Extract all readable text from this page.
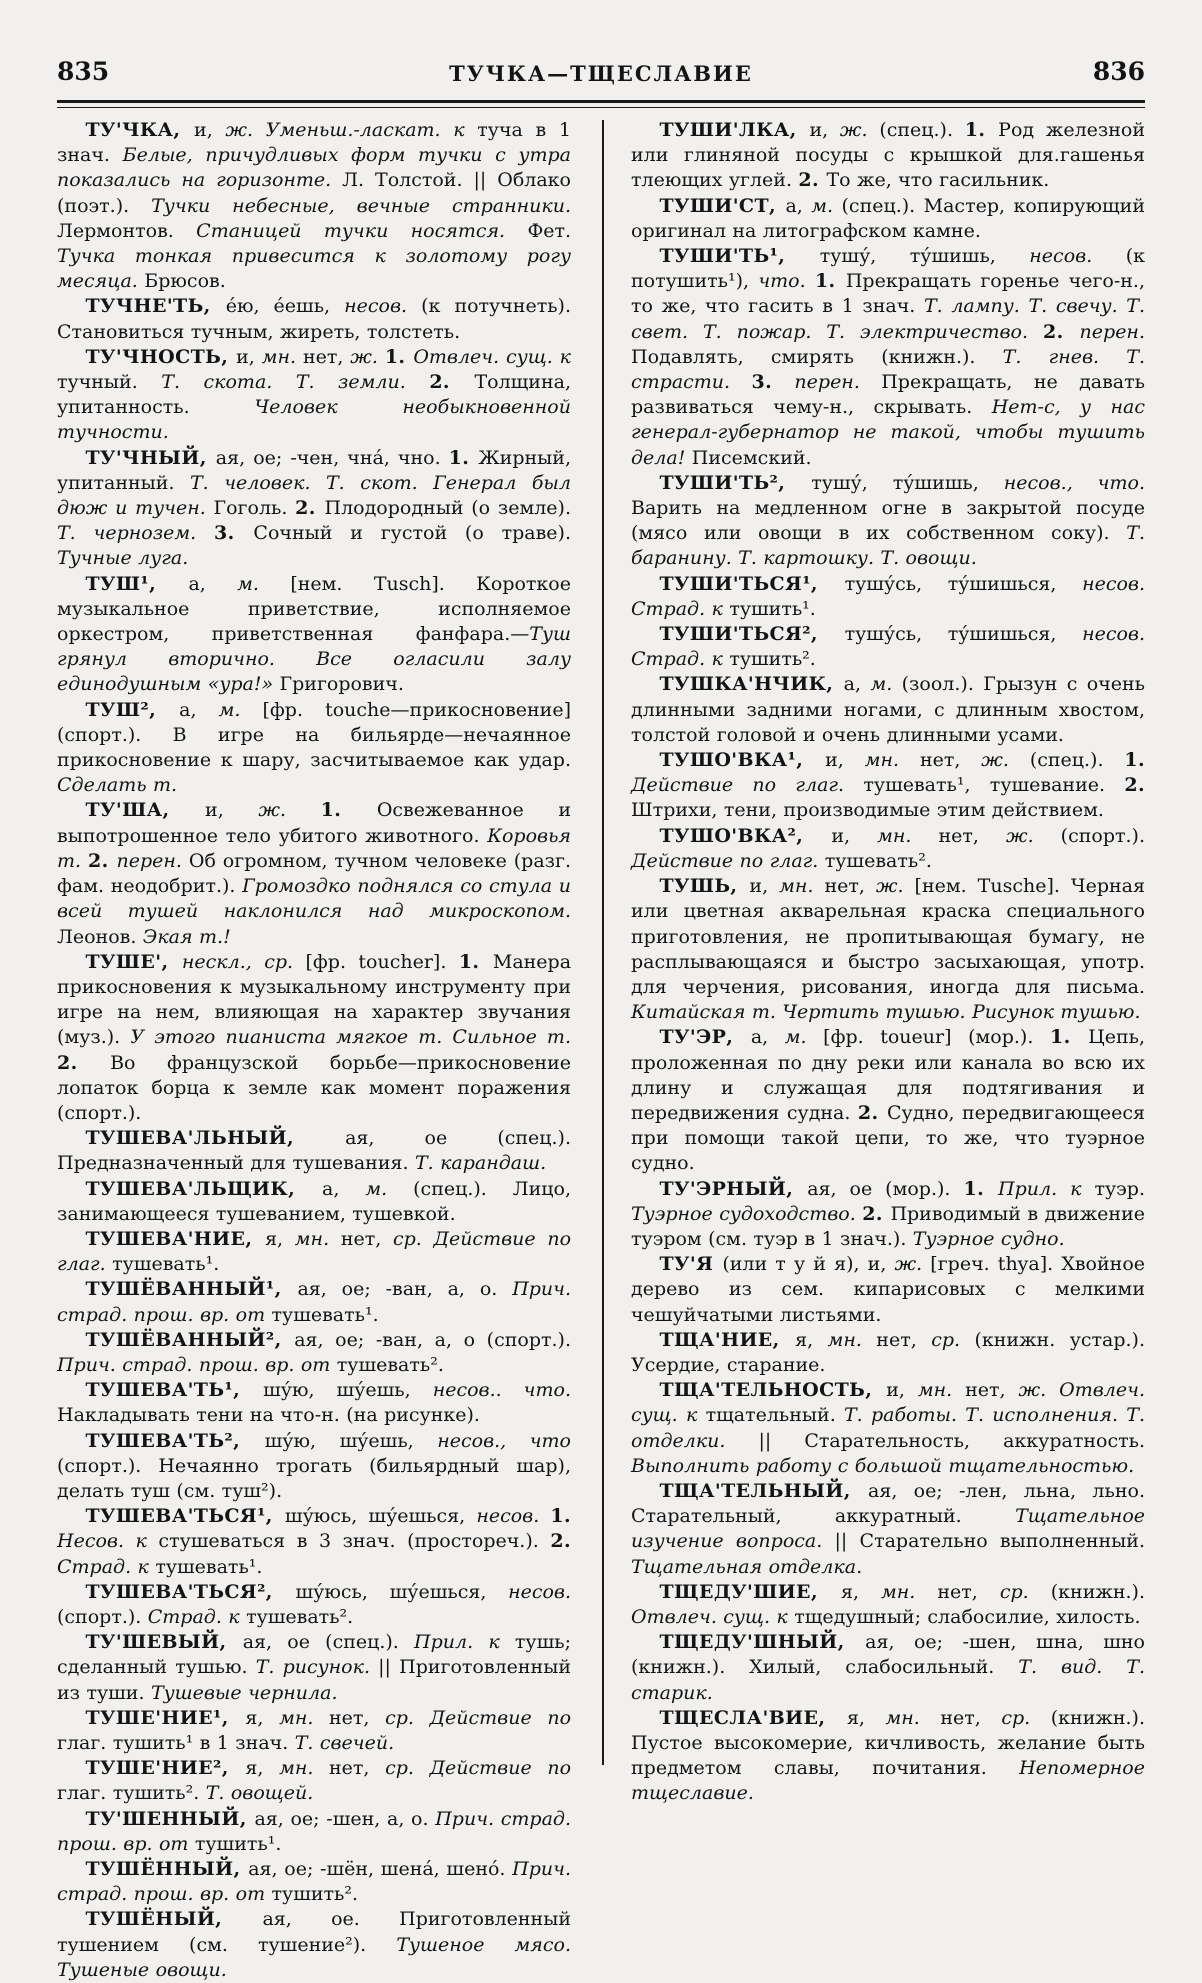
835	836
ТУЧКА—ТЩЕСЛАВИЕ

ТУ'ЧКА, и, ж. Уменьш.-ласкат. к туча в 1 знач. Белые, причудливых форм тучки с утра показались на горизонте. Л. Толстой. || Облако (поэт.). Тучки небесные, вечные странники. Лермонтов. Станицей тучки носятся. Фет. Тучка тонкая привесится к золотому рогу месяца. Брюсов.

ТУЧНЕ'ТЬ, е́ю, е́ешь, несов. (к потучнеть). Становиться тучным, жиреть, толстеть.

ТУ'ЧНОСТЬ, и, мн. нет, ж. 1. Отвлеч. сущ. к тучный. Т. скота. Т. земли. 2. Толщина, упитанность. Человек необыкновенной тучности.

ТУ'ЧНЫЙ, ая, ое; -чен, чна́, чно. 1. Жирный, упитанный. Т. человек. Т. скот. Генерал был дюж и тучен. Гоголь. 2. Плодородный (о земле). Т. чернозем. 3. Сочный и густой (о траве). Тучные луга.

ТУШ¹, а, м. [нем. Tusch]. Короткое музыкальное приветствие, исполняемое оркестром, приветственная фанфара.—Туш грянул вторично. Все огласили залу единодушным «ура!» Григорович.

ТУШ², а, м. [фр. touche—прикосновение] (спорт.). В игре на бильярде—нечаянное прикосновение к шару, засчитываемое как удар. Сделать т.

ТУ'ША, и, ж. 1. Освежеванное и выпотрошенное тело убитого животного. Коровья т. 2. перен. Об огромном, тучном человеке (разг. фам. неодобрит.). Громоздко поднялся со стула и всей тушей наклонился над микроскопом. Леонов. Экая т.!

ТУШЕ', нескл., ср. [фр. toucher]. 1. Манера прикосновения к музыкальному инструменту при игре на нем, влияющая на характер звучания (муз.). У этого пианиста мягкое т. Сильное т. 2. Во французской борьбе—прикосновение лопаток борца к земле как момент поражения (спорт.).

ТУШЕВА'ЛЬНЫЙ, ая, ое (спец.). Предназначенный для тушевания. Т. карандаш.

ТУШЕВА'ЛЬЩИК, а, м. (спец.). Лицо, занимающееся тушеванием, тушевкой.

ТУШЕВА'НИЕ, я, мн. нет, ср. Действие по глаг. тушевать¹.

ТУШЁВАННЫЙ¹, ая, ое; -ван, а, о. Прич. страд. прош. вр. от тушевать¹.

ТУШЁВАННЫЙ², ая, ое; -ван, а, о (спорт.). Прич. страд. прош. вр. от тушевать².

ТУШЕВА'ТЬ¹, шу́ю, шу́ешь, несов.. что. Накладывать тени на что-н. (на рисунке).

ТУШЕВА'ТЬ², шу́ю, шу́ешь, несов., что (спорт.). Нечаянно трогать (бильярдный шар), делать туш (см. туш²).

ТУШЕВА'ТЬСЯ¹, шу́юсь, шу́ешься, несов. 1. Несов. к стушеваться в 3 знач. (простореч.). 2. Страд. к тушевать¹.

ТУШЕВА'ТЬСЯ², шу́юсь, шу́ешься, несов. (спорт.). Страд. к тушевать².

ТУ'ШЕВЫЙ, ая, ое (спец.). Прил. к тушь; сделанный тушью. Т. рисунок. || Приготовленный из туши. Тушевые чернила.

ТУШЕ'НИЕ¹, я, мн. нет, ср. Действие по глаг. тушить¹ в 1 знач. Т. свечей.

ТУШЕ'НИЕ², я, мн. нет, ср. Действие по глаг. тушить². Т. овощей.

ТУ'ШЕННЫЙ, ая, ое; -шен, а, о. Прич. страд. прош. вр. от тушить¹.

ТУШЁННЫЙ, ая, ое; -шён, шена́, шено́. Прич. страд. прош. вр. от тушить².

ТУШЁНЫЙ, ая, ое. Приготовленный тушением (см. тушение²). Тушеное мясо. Тушеные овощи.

ТУШИ'ЛКА, и, ж. (спец.). 1. Род железной или глиняной посуды с крышкой для.гашенья тлеющих углей. 2. То же, что гасильник.

ТУШИ'СТ, а, м. (спец.). Мастер, копирующий оригинал на литографском камне.

ТУШИ'ТЬ¹, тушу́, ту́шишь, несов. (к потушить¹), что. 1. Прекращать горенье чего-н., то же, что гасить в 1 знач. Т. лампу. Т. свечу. Т. свет. Т. пожар. Т. электричество. 2. перен. Подавлять, смирять (книжн.). Т. гнев. Т. страсти. 3. перен. Прекращать, не давать развиваться чему-н., скрывать. Нет-с, у нас генерал-губернатор не такой, чтобы тушить дела! Писемский.

ТУШИ'ТЬ², тушу́, ту́шишь, несов., что. Варить на медленном огне в закрытой посуде (мясо или овощи в их собственном соку). Т. баранину. Т. картошку. Т. овощи.

ТУШИ'ТЬСЯ¹, тушу́сь, ту́шишься, несов. Страд. к тушить¹.

ТУШИ'ТЬСЯ², тушу́сь, ту́шишься, несов. Страд. к тушить².

ТУШКА'НЧИК, а, м. (зоол.). Грызун с очень длинными задними ногами, с длинным хвостом, толстой головой и очень длинными усами.

ТУШО'ВКА¹, и, мн. нет, ж. (спец.). 1. Действие по глаг. тушевать¹, тушевание. 2. Штрихи, тени, производимые этим действием.

ТУШО'ВКА², и, мн. нет, ж. (спорт.). Действие по глаг. тушевать².

ТУШЬ, и, мн. нет, ж. [нем. Tusche]. Черная или цветная акварельная краска специального приготовления, не пропитывающая бумагу, не расплывающаяся и быстро засыхающая, употр. для черчения, рисования, иногда для письма. Китайская т. Чертить тушью. Рисунок тушью.

ТУ'ЭР, а, м. [фр. toueur] (мор.). 1. Цепь, проложенная по дну реки или канала во всю их длину и служащая для подтягивания и передвижения судна. 2. Судно, передвигающееся при помощи такой цепи, то же, что туэрное судно.

ТУ'ЭРНЫЙ, ая, ое (мор.). 1. Прил. к туэр. Туэрное судоходство. 2. Приводимый в движение туэром (см. туэр в 1 знач.). Туэрное судно.

ТУ'Я (или т у й я), и, ж. [греч. thya]. Хвойное дерево из сем. кипарисовых с мелкими чешуйчатыми листьями.

ТЩА'НИЕ, я, мн. нет, ср. (книжн. устар.). Усердие, старание.

ТЩА'ТЕЛЬНОСТЬ, и, мн. нет, ж. Отвлеч. сущ. к тщательный. Т. работы. Т. исполнения. Т. отделки. || Старательность, аккуратность. Выполнить работу с большой тщательностью.

ТЩА'ТЕЛЬНЫЙ, ая, ое; -лен, льна, льно. Старательный, аккуратный. Тщательное изучение вопроса. || Старательно выполненный. Тщательная отделка.

ТЩЕДУ'ШИЕ, я, мн. нет, ср. (книжн.). Отвлеч. сущ. к тщедушный; слабосилие, хилость.

ТЩЕДУ'ШНЫЙ, ая, ое; -шен, шна, шно (книжн.). Хилый, слабосильный. Т. вид. Т. старик.

ТЩЕСЛА'ВИЕ, я, мн. нет, ср. (книжн.). Пустое высокомерие, кичливость, желание быть предметом славы, почитания. Непомерное тщеславие.
